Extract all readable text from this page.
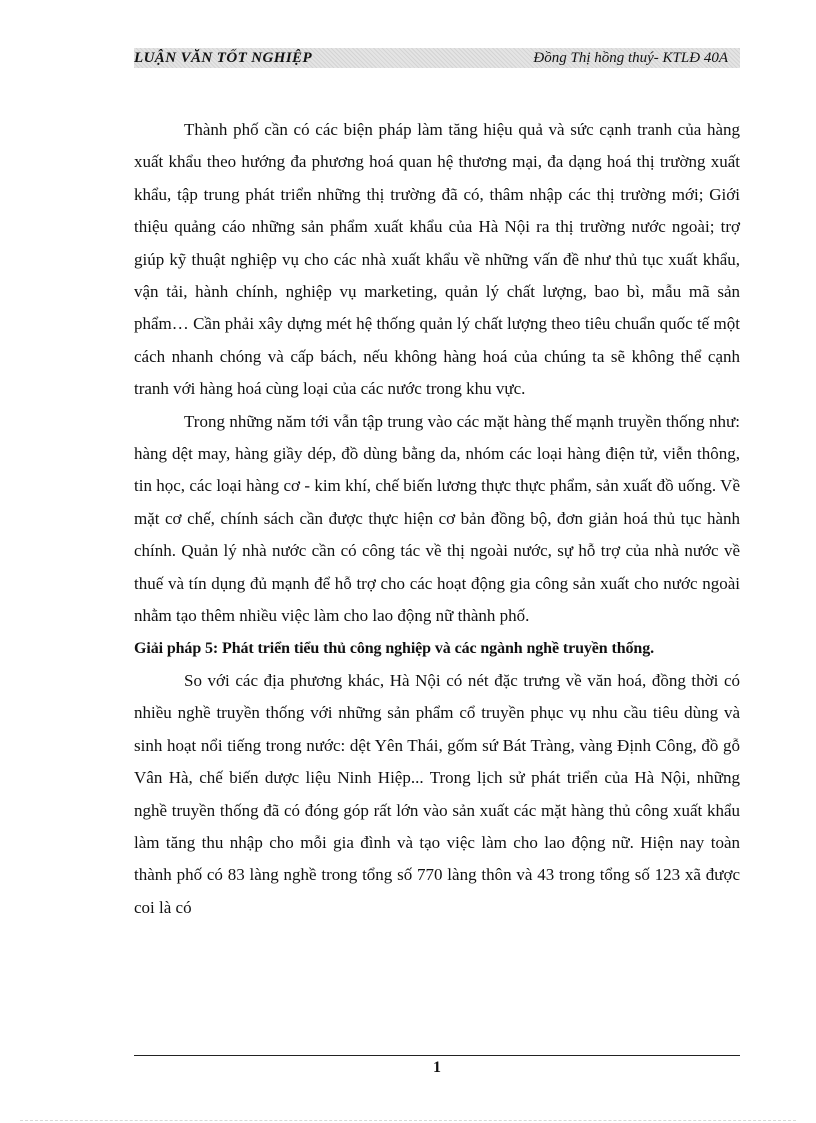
LUẬN VĂN TỐT NGHIỆP	Đồng Thị hồng thuý- KTLĐ 40A

Thành phố cần có các biện pháp làm tăng hiệu quả và sức cạnh tranh của hàng xuất khẩu theo hướng đa phương hoá quan hệ thương mại, đa dạng hoá thị trường xuất khẩu, tập trung phát triển những thị trường đã có, thâm nhập các thị trường mới; Giới thiệu quảng cáo những sản phẩm xuất khẩu của Hà Nội ra thị trường nước ngoài; trợ giúp kỹ thuật nghiệp vụ cho các nhà xuất khẩu về những vấn đề như thủ tục xuất khẩu, vận tải, hành chính, nghiệp vụ marketing, quản lý chất lượng, bao bì, mẫu mã sản phẩm… Cần phải xây dựng mét hệ thống quản lý chất lượng theo tiêu chuẩn quốc tế một cách nhanh chóng và cấp bách, nếu không hàng hoá của chúng ta sẽ không thể cạnh tranh với hàng hoá cùng loại của các nước trong khu vực.

Trong những năm tới vẫn tập trung vào các mặt hàng thế mạnh truyền thống như: hàng dệt may, hàng giầy dép, đồ dùng bằng da, nhóm các loại hàng điện tử, viễn thông, tin học, các loại hàng cơ - kim khí, chế biến lương thực thực phẩm, sản xuất đồ uống. Về mặt cơ chế, chính sách cần được thực hiện cơ bản đồng bộ, đơn giản hoá thủ tục hành chính. Quản lý nhà nước cần có công tác về thị ngoài nước, sự hỗ trợ của nhà nước về thuế và tín dụng đủ mạnh để hỗ trợ cho các hoạt động gia công sản xuất cho nước ngoài nhằm tạo thêm nhiều việc làm cho lao động nữ thành phố.

Giải pháp 5: Phát triển tiểu thủ công nghiệp và các ngành nghề truyền thống.

So với các địa phương khác, Hà Nội có nét đặc trưng về văn hoá, đồng thời có nhiều nghề truyền thống với những sản phẩm cổ truyền phục vụ nhu cầu tiêu dùng và sinh hoạt nổi tiếng trong nước: dệt Yên Thái, gốm sứ Bát Tràng, vàng Định Công, đồ gỗ Vân Hà, chế biến dược liệu Ninh Hiệp... Trong lịch sử phát triển của Hà Nội, những nghề truyền thống đã có đóng góp rất lớn vào sản xuất các mặt hàng thủ công xuất khẩu làm tăng thu nhập cho mỗi gia đình và tạo việc làm cho lao động nữ. Hiện nay toàn thành phố có 83 làng nghề trong tổng số 770 làng thôn và 43 trong tổng số 123 xã được coi là có

1
